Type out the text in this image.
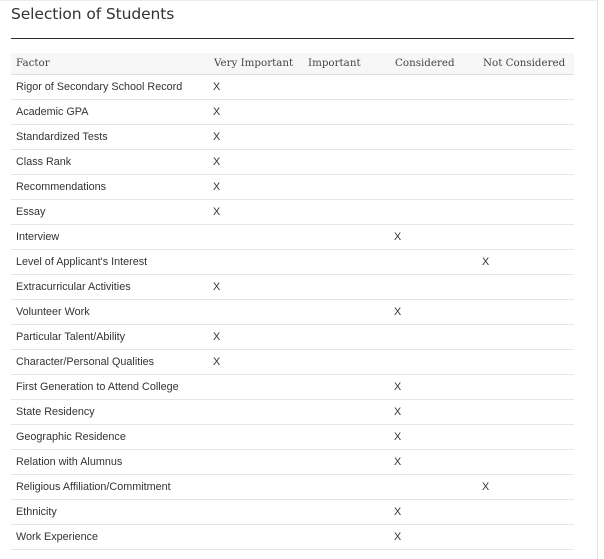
Selection of Students
Factor	Very Important	Important	Considered	Not Considered
Rigor of Secondary School Record	X			
Academic GPA	X			
Standardized Tests	X			
Class Rank	X			
Recommendations	X			
Essay	X			
Interview			X	
Level of Applicant's Interest				X
Extracurricular Activities	X			
Volunteer Work			X	
Particular Talent/Ability	X			
Character/Personal Qualities	X			
First Generation to Attend College			X	
State Residency			X	
Geographic Residence			X	
Relation with Alumnus			X	
Religious Affiliation/Commitment				X
Ethnicity			X	
Work Experience			X	
